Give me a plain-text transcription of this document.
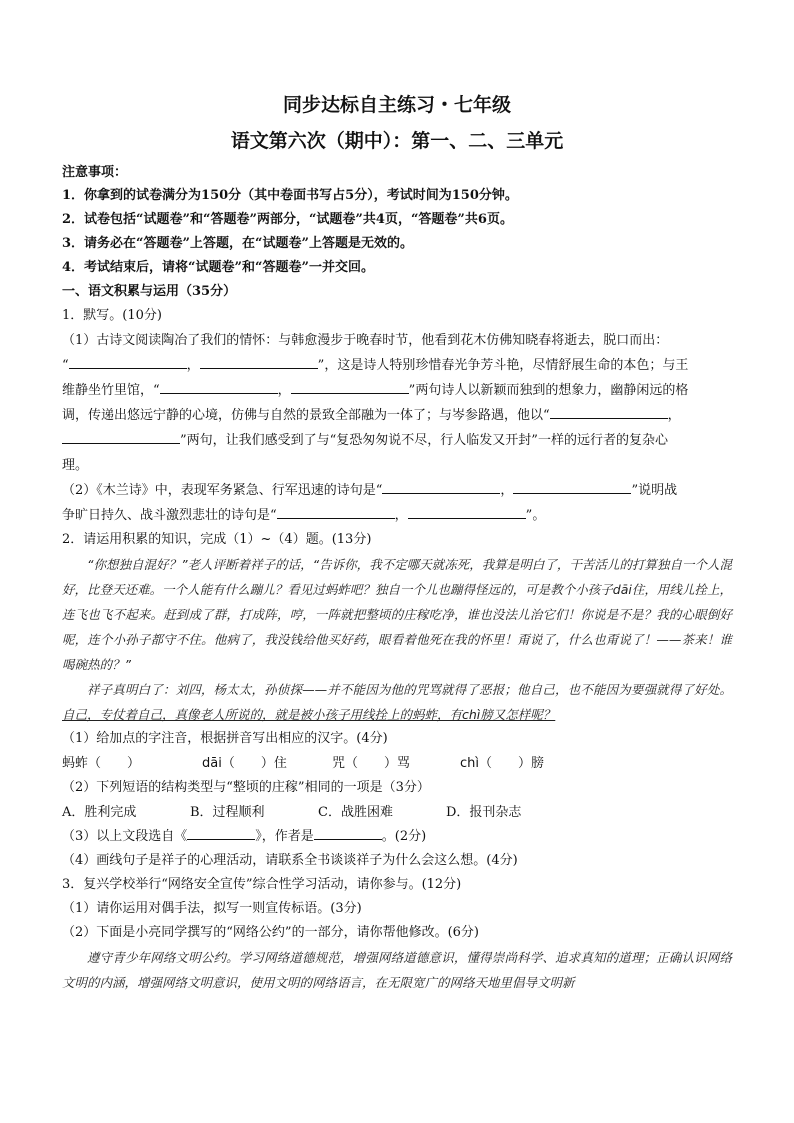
同步达标自主练习・七年级
语文第六次（期中）：第一、二、三单元
注意事项：
1．你拿到的试卷满分为150分（其中卷面书写占5分），考试时间为150分钟。
2．试卷包括“试题卷”和“答题卷”两部分，“试题卷”共4页，“答题卷”共6页。
3．请务必在“答题卷”上答题，在“试题卷”上答题是无效的。
4．考试结束后，请将“试题卷”和“答题卷”一并交回。
一、语文积累与运用（35分）
1．默写。(10分)
（1）古诗文阅读陶冶了我们的情怀：与韩愈漫步于晚春时节，他看到花木仿佛知晓春将逝去，脱口而出：
“	，	”，这是诗人特别珍惜春光争芳斗艳，尽情舒展生命的本色；与王
维静坐竹里馆，“	，	”两句诗人以新颖而独到的想象力，幽静闲远的格
调，传递出悠远宁静的心境，仿佛与自然的景致全部融为一体了；与岑参路遇，他以“	，
”两句，让我们感受到了与“复恐匆匆说不尽，行人临发又开封”一样的远行者的复杂心
理。
（2）《木兰诗》中，表现军务紧急、行军迅速的诗句是“	，	”说明战
争旷日持久、战斗激烈悲壮的诗句是“	，	”。
2．请运用积累的知识，完成（1）~（4）题。(13分)
“你想独自混好？”老人评断着祥子的话，“告诉你，我不定哪天就冻死，我算是明白了，干苦活儿的打算独自一个人混好，比登天还难。一个人能有什么蹦儿？看见过蚂蚱吧？独自一个儿也蹦得怪远的，可是教个小孩子dāi住，用线儿拴上，连飞也飞不起来。赶到成了群，打成阵，哼，一阵就把整顷的庄稼吃净，谁也没法儿治它们！你说是不是？我的心眼倒好呢，连个小孙子都守不住。他病了，我没钱给他买好药，眼看着他死在我的怀里！甭说了，什么也甭说了！——茶来！谁喝碗热的？”
祥子真明白了：刘四，杨太太，孙侦探——并不能因为他的咒骂就得了恶报；他自己，也不能因为要强就得了好处。自己，专仗着自己，真像老人所说的，就是被小孩子用线拴上的蚂蚱，有chì膀又怎样呢？
（1）给加点的字注音，根据拼音写出相应的汉字。(4分)
蚂蚱（　　）	dāi（　　）住	咒（　　）骂	chì（　　）膀
（2）下列短语的结构类型与“整顷的庄稼”相同的一项是（3分）
A．胜利完成	B．过程顺利	C．战胜困难	D．报刊杂志
（3）以上文段选自《	》，作者是	。(2分)
（4）画线句子是祥子的心理活动，请联系全书谈谈祥子为什么会这么想。(4分)
3．复兴学校举行“网络安全宣传”综合性学习活动，请你参与。(12分)
（1）请你运用对偶手法，拟写一则宣传标语。(3分)
（2）下面是小亮同学撰写的“网络公约”的一部分，请你帮他修改。(6分)
遵守青少年网络文明公约。学习网络道德规范，增强网络道德意识，懂得崇尚科学、追求真知的道理；正确认识网络文明的内涵，增强网络文明意识，使用文明的网络语言，在无限宽广的网络天地里倡导文明新
